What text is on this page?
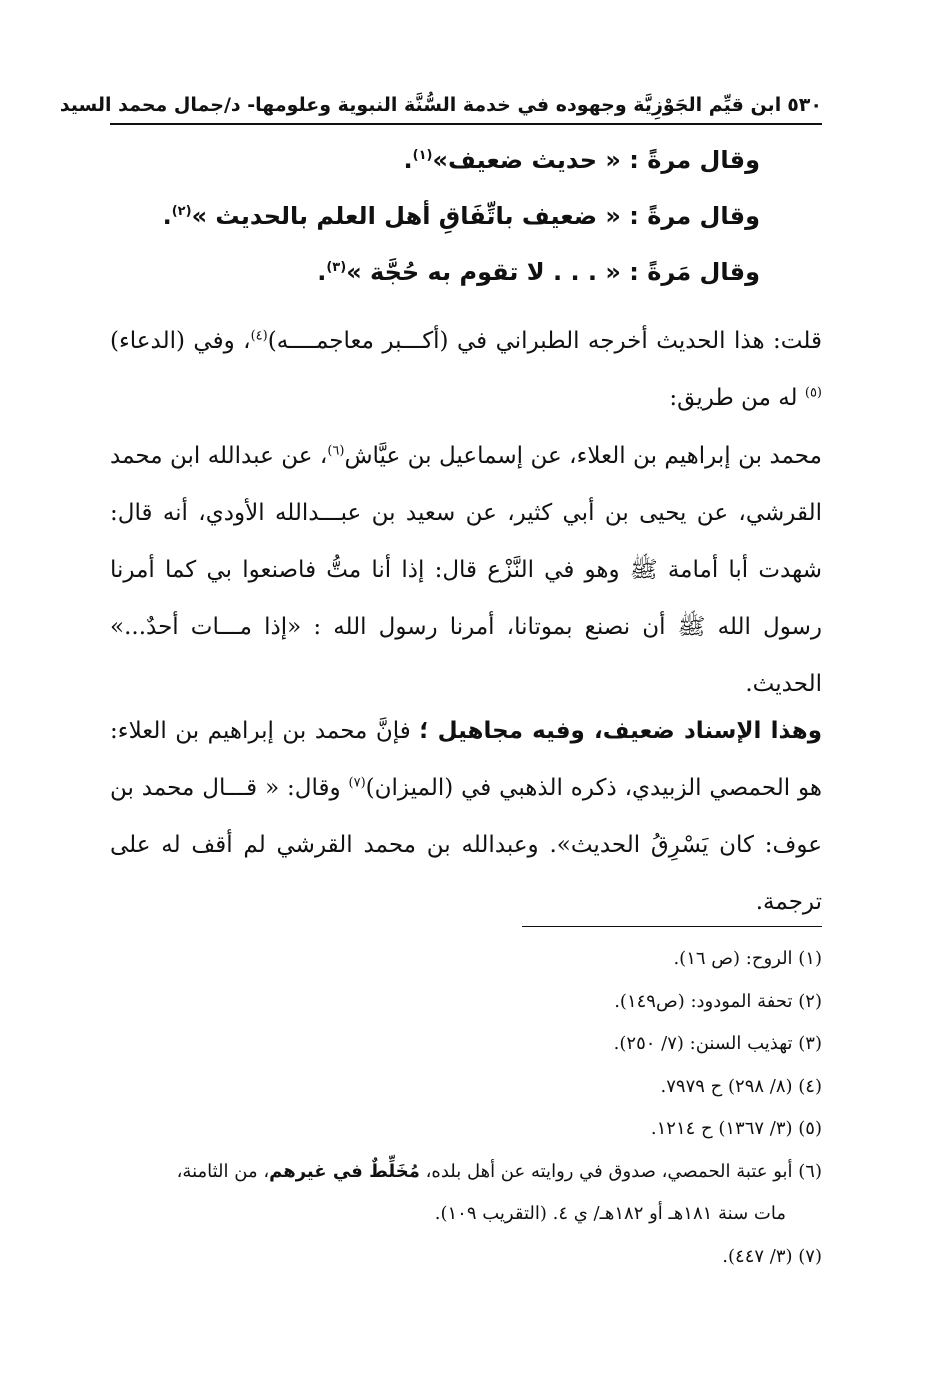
٥٣٠
ابن قيِّم الجَوْزِيَّة وجهوده في خدمة السُّنَّة النبوية وعلومها- د/جمال محمد السيد
وقال مرةً : « حديث ضعيف»$^{(١)}$.
وقال مرةً : « ضعيف باتِّفَاقِ أهل العلم بالحديث »$^{(٢)}$.
وقال مَرةً : « . . . لا تقوم به حُجَّة »$^{(٣)}$.
قلت: هذا الحديث أخرجه الطبراني في (أكـــبر معاجمــــه)$^{(٤)}$، وفي (الدعاء)$^{(٥)}$ له من طريق:
محمد بن إبراهيم بن العلاء، عن إسماعيل بن عيَّاش$^{(٦)}$، عن عبدالله ابن محمد القرشي، عن يحيى بن أبي كثير، عن سعيد بن عبـــدالله الأودي، أنه قال: شهدت أبا أمامة ﷺ وهو في النَّزْع قال: إذا أنا متُّ فاصنعوا بي كما أمرنا رسول الله ﷺ أن نصنع بموتانا، أمرنا رسول الله : «إذا مـــات أحدٌ...» الحديث.
وهذا الإسناد ضعيف، وفيه مجاهيل ؛ فإنَّ محمد بن إبراهيم بن العلاء: هو الحمصي الزبيدي، ذكره الذهبي في (الميزان)$^{(٧)}$ وقال: « قـــال محمد بن عوف: كان يَسْرِقُ الحديث». وعبدالله بن محمد القرشي لم أقف له على ترجمة.

(١) الروح: (ص ١٦).

(٢) تحفة المودود: (ص١٤٩).

(٣) تهذيب السنن: (٧/ ٢٥٠).

(٤) (٨/ ٢٩٨) ح ٧٩٧٩.

(٥) (٣/ ١٣٦٧) ح ١٢١٤.

(٦) أبو عتبة الحمصي، صدوق في روايته عن أهل بلده، مُخَلِّطٌ في غيرهم، من الثامنة،

مات سنة ١٨١هـ أو ١٨٢هـ/ ي ٤. (التقريب ١٠٩).

(٧) (٣/ ٤٤٧).
